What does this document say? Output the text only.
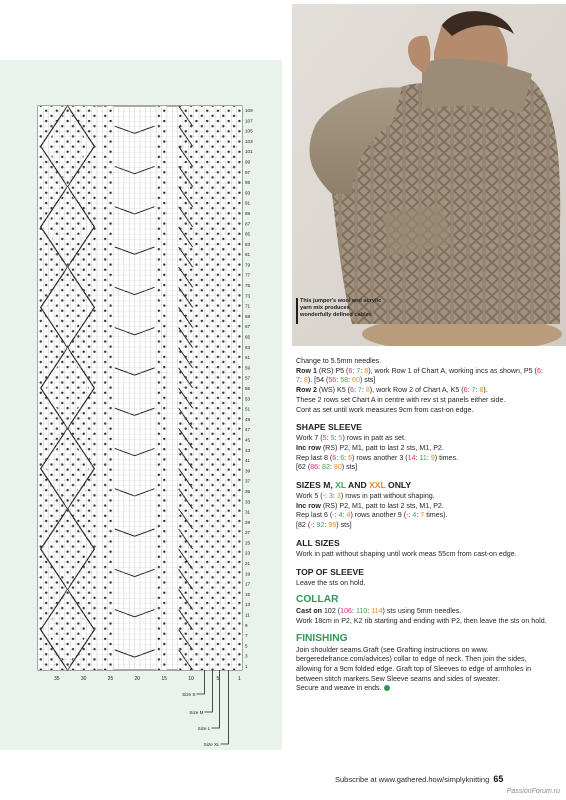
109
107
105
103
101
99
97
95
93
91
89
87
85
83
81
79
77
75
73
71
69
67
65
63
61
59
57
55
53
51
49
47
45
43
41
39
37
35
33
31
29
27
25
23
21
19
17
15
13
11
9
7
5
3
1
35	30	25	20	15	10	5	1
Size S
Size M
Size L
Size XL
This jumper's wool and acrylic yarn mix produces wonderfully defined cables

Change to 5.5mm needles.

Row 1 (RS) P5 (6: 7: 8), work Row 1 of Chart A, working incs as shown, P5 (6: 7: 8). [54 (56: 58: 60) sts]

Row 2 (WS) K5 (6: 7: 8), work Row 2 of Chart A, K5 (6: 7: 8).

These 2 rows set Chart A in centre with rev st st panels either side.

Cont as set until work measures 9cm from cast-on edge.

SHAPE SLEEVE

Work 7 (5: 5: 5) rows in patt as set.

Inc row (RS) P2, M1, patt to last 2 sts, M1, P2.

Rep last 8 (6: 6: 6) rows another 3 (14: 11: 9) times.

[62 (86: 82: 80) sts]

SIZES M, XL AND XXL ONLY

Work 5 (-: 3: 3) rows in patt without shaping.

Inc row (RS) P2, M1, patt to last 2 sts, M1, P2.

Rep last 6 (-: 4: 4) rows another 9 (-: 4: 7 times).

[82 (-: 92: 96) sts]

ALL SIZES

Work in patt without shaping until work meas 55cm from cast-on edge.

TOP OF SLEEVE

Leave the sts on hold.

COLLAR

Cast on 102 (106: 110: 114) sts using 5mm needles.

Work 18cm in P2, K2 rib starting and ending with P2, then leave the sts on hold.

FINISHING

Join shoulder seams.Graft (see Grafting instructions on www. bergeredefrance.com/advices) collar to edge of neck. Then join the sides, allowing for a 9cm folded edge. Graft top of Sleeves to edge of armholes in between stitch markers.Sew Sleeve seams and sides of sweater.

Secure and weave in ends.

Subscribe at www.gathered.how/simplyknitting 65
PassionForum.ru
